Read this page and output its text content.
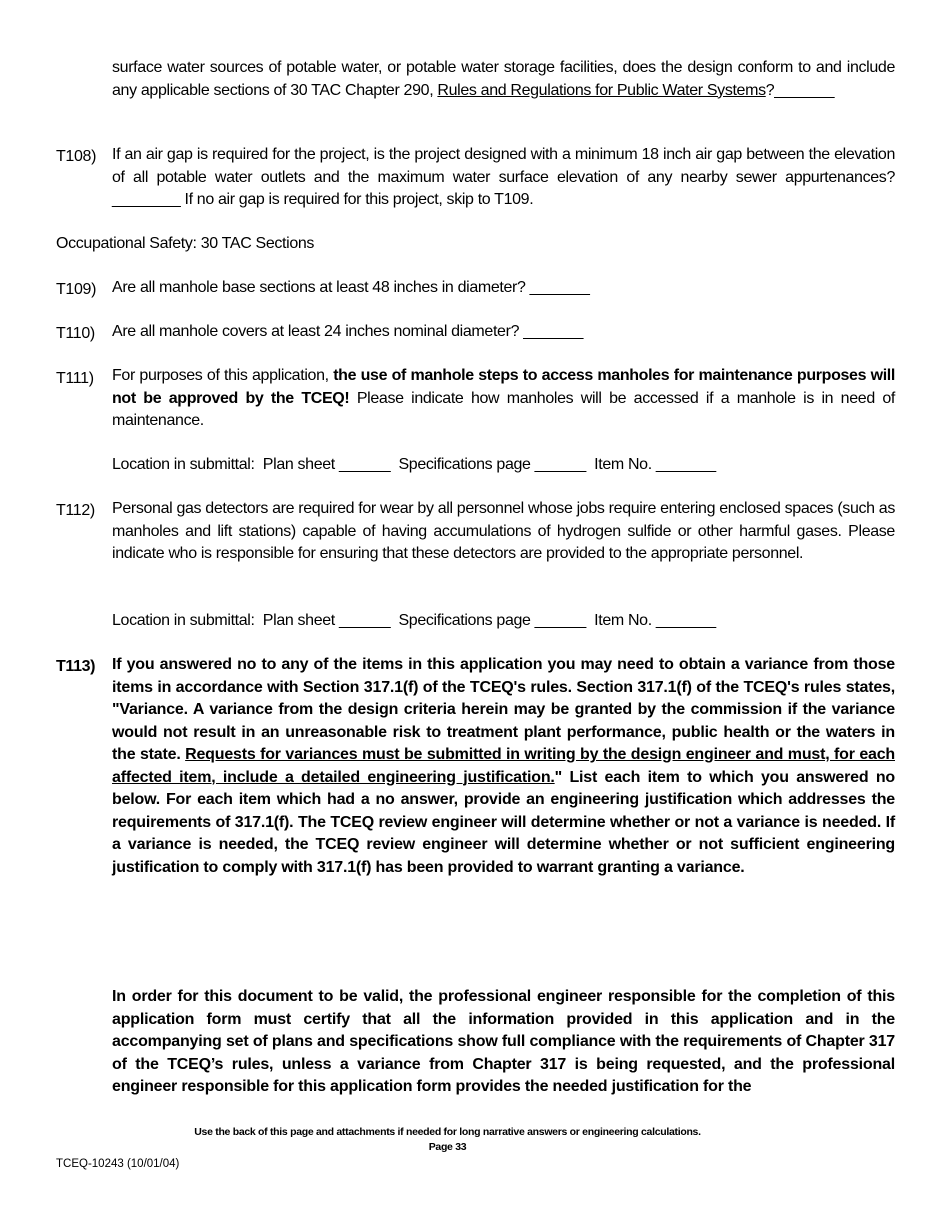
surface water sources of potable water, or potable water storage facilities, does the design conform to and include any applicable sections of 30 TAC Chapter 290, Rules and Regulations for Public Water Systems?_______
T108) If an air gap is required for the project, is the project designed with a minimum 18 inch air gap between the elevation of all potable water outlets and the maximum water surface elevation of any nearby sewer appurtenances? ________ If no air gap is required for this project, skip to T109.
Occupational Safety: 30 TAC Sections
T109) Are all manhole base sections at least 48 inches in diameter? _______
T110) Are all manhole covers at least 24 inches nominal diameter? _______
T111) For purposes of this application, the use of manhole steps to access manholes for maintenance purposes will not be approved by the TCEQ! Please indicate how manholes will be accessed if a manhole is in need of maintenance.
Location in submittal:  Plan sheet ______  Specifications page ______  Item No. _______
T112) Personal gas detectors are required for wear by all personnel whose jobs require entering enclosed spaces (such as manholes and lift stations) capable of having accumulations of hydrogen sulfide or other harmful gases. Please indicate who is responsible for ensuring that these detectors are provided to the appropriate personnel.
Location in submittal:  Plan sheet ______  Specifications page ______  Item No. _______
T113) If you answered no to any of the items in this application you may need to obtain a variance from those items in accordance with Section 317.1(f) of the TCEQ's rules. Section 317.1(f) of the TCEQ's rules states, "Variance. A variance from the design criteria herein may be granted by the commission if the variance would not result in an unreasonable risk to treatment plant performance, public health or the waters in the state. Requests for variances must be submitted in writing by the design engineer and must, for each affected item, include a detailed engineering justification." List each item to which you answered no below. For each item which had a no answer, provide an engineering justification which addresses the requirements of 317.1(f). The TCEQ review engineer will determine whether or not a variance is needed. If a variance is needed, the TCEQ review engineer will determine whether or not sufficient engineering justification to comply with 317.1(f) has been provided to warrant granting a variance.
In order for this document to be valid, the professional engineer responsible for the completion of this application form must certify that all the information provided in this application and in the accompanying set of plans and specifications show full compliance with the requirements of Chapter 317 of the TCEQ’s rules, unless a variance from Chapter 317 is being requested, and the professional engineer responsible for this application form provides the needed justification for the
Use the back of this page and attachments if needed for long narrative answers or engineering calculations.
Page 33
TCEQ-10243 (10/01/04)
